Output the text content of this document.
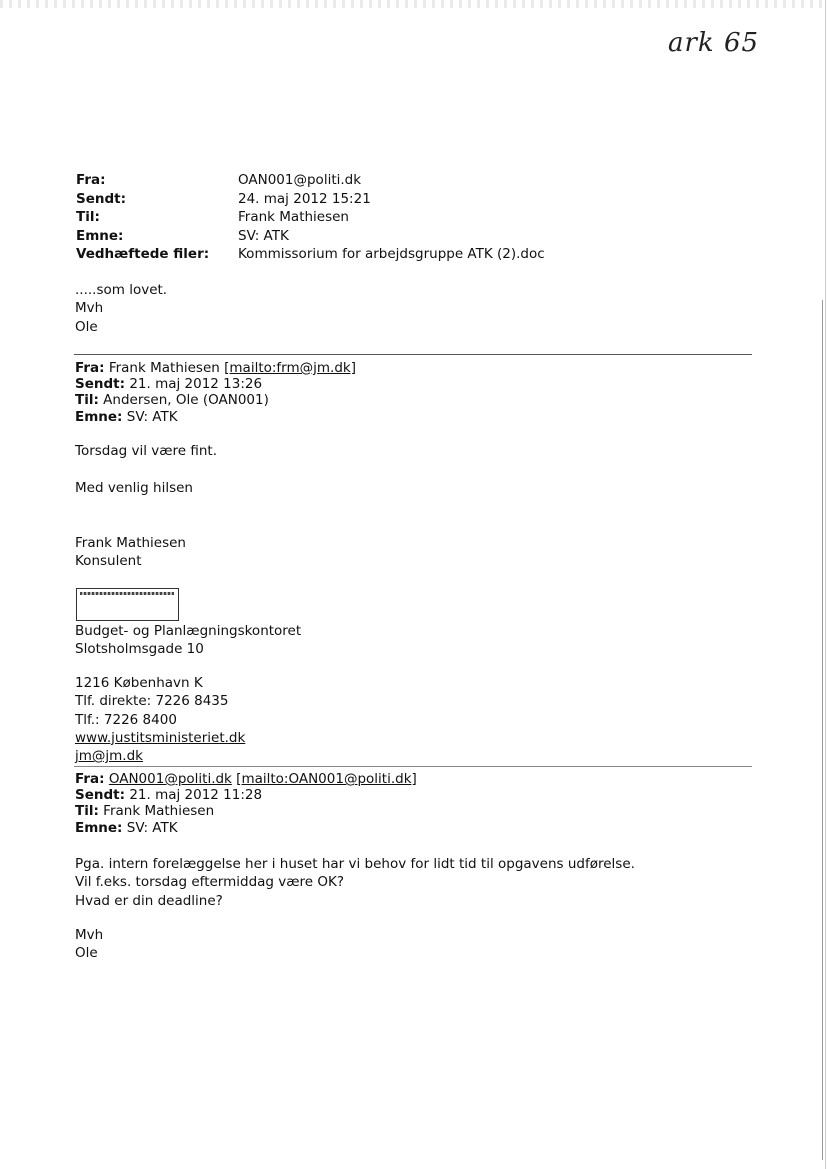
ark 65
Fra:	OAN001@politi.dk
Sendt:	24. maj 2012 15:21
Til:	Frank Mathiesen
Emne:	SV: ATK
Vedhæftede filer:	Kommissorium for arbejdsgruppe ATK (2).doc

.....som lovet.

Mvh

Ole

Fra: Frank Mathiesen [mailto:frm@jm.dk]
Sendt: 21. maj 2012 13:26
Til: Andersen, Ole (OAN001)
Emne: SV: ATK

Torsdag vil være fint.

Med venlig hilsen

Frank Mathiesen

Konsulent

Budget- og Planlægningskontoret

Slotsholmsgade 10

1216 København K

Tlf. direkte: 7226 8435

Tlf.: 7226 8400

www.justitsministeriet.dk

jm@jm.dk

Fra: OAN001@politi.dk [mailto:OAN001@politi.dk]
Sendt: 21. maj 2012 11:28
Til: Frank Mathiesen
Emne: SV: ATK

Pga. intern forelæggelse her i huset har vi behov for lidt tid til opgavens udførelse.

Vil f.eks. torsdag eftermiddag være OK?

Hvad er din deadline?

Mvh

Ole
